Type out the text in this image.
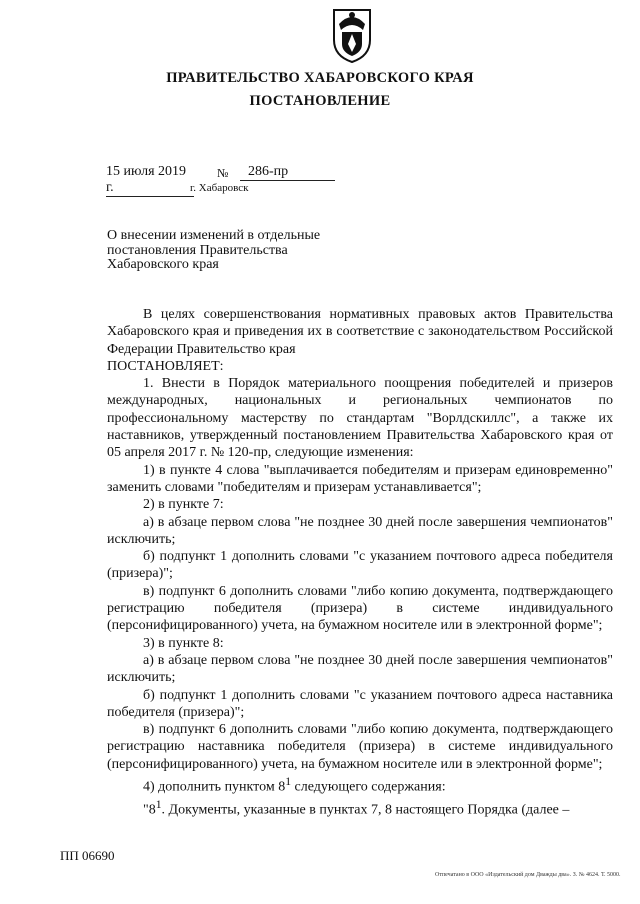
ПРАВИТЕЛЬСТВО ХАБАРОВСКОГО КРАЯ
ПОСТАНОВЛЕНИЕ
15 июля 2019 г.
№	286-пр
г. Хабаровск
О внесении изменений в отдельные постановления Правительства Хабаровского края

В целях совершенствования нормативных правовых актов Правительства Хабаровского края и приведения их в соответствие с законодательством Российской Федерации Правительство края

ПОСТАНОВЛЯЕТ:

1. Внести в Порядок материального поощрения победителей и призеров международных, национальных и региональных чемпионатов по профессиональному мастерству по стандартам "Ворлдскиллс", а также их наставников, утвержденный постановлением Правительства Хабаровского края от 05 апреля 2017 г. № 120-пр, следующие изменения:

1) в пункте 4 слова "выплачивается победителям и призерам единовременно" заменить словами "победителям и призерам устанавливается";

2) в пункте 7:

а) в абзаце первом слова "не позднее 30 дней после завершения чемпионатов" исключить;

б) подпункт 1 дополнить словами "с указанием почтового адреса победителя (призера)";

в) подпункт 6 дополнить словами "либо копию документа, подтверждающего регистрацию победителя (призера) в системе индивидуального (персонифицированного) учета, на бумажном носителе или в электронной форме";

3) в пункте 8:

а) в абзаце первом слова "не позднее 30 дней после завершения чемпионатов" исключить;

б) подпункт 1 дополнить словами "с указанием почтового адреса наставника победителя (призера)";

в) подпункт 6 дополнить словами "либо копию документа, подтверждающего регистрацию наставника победителя (призера) в системе индивидуального (персонифицированного) учета, на бумажном носителе или в электронной форме";

4) дополнить пунктом $8^1$ следующего содержания:

"$8^1$. Документы, указанные в пунктах 7, 8 настоящего Порядка (далее –

ПП 06690
Отпечатано в ООО «Издательский дом Дважды два». З. № 4624. Т. 5000.
